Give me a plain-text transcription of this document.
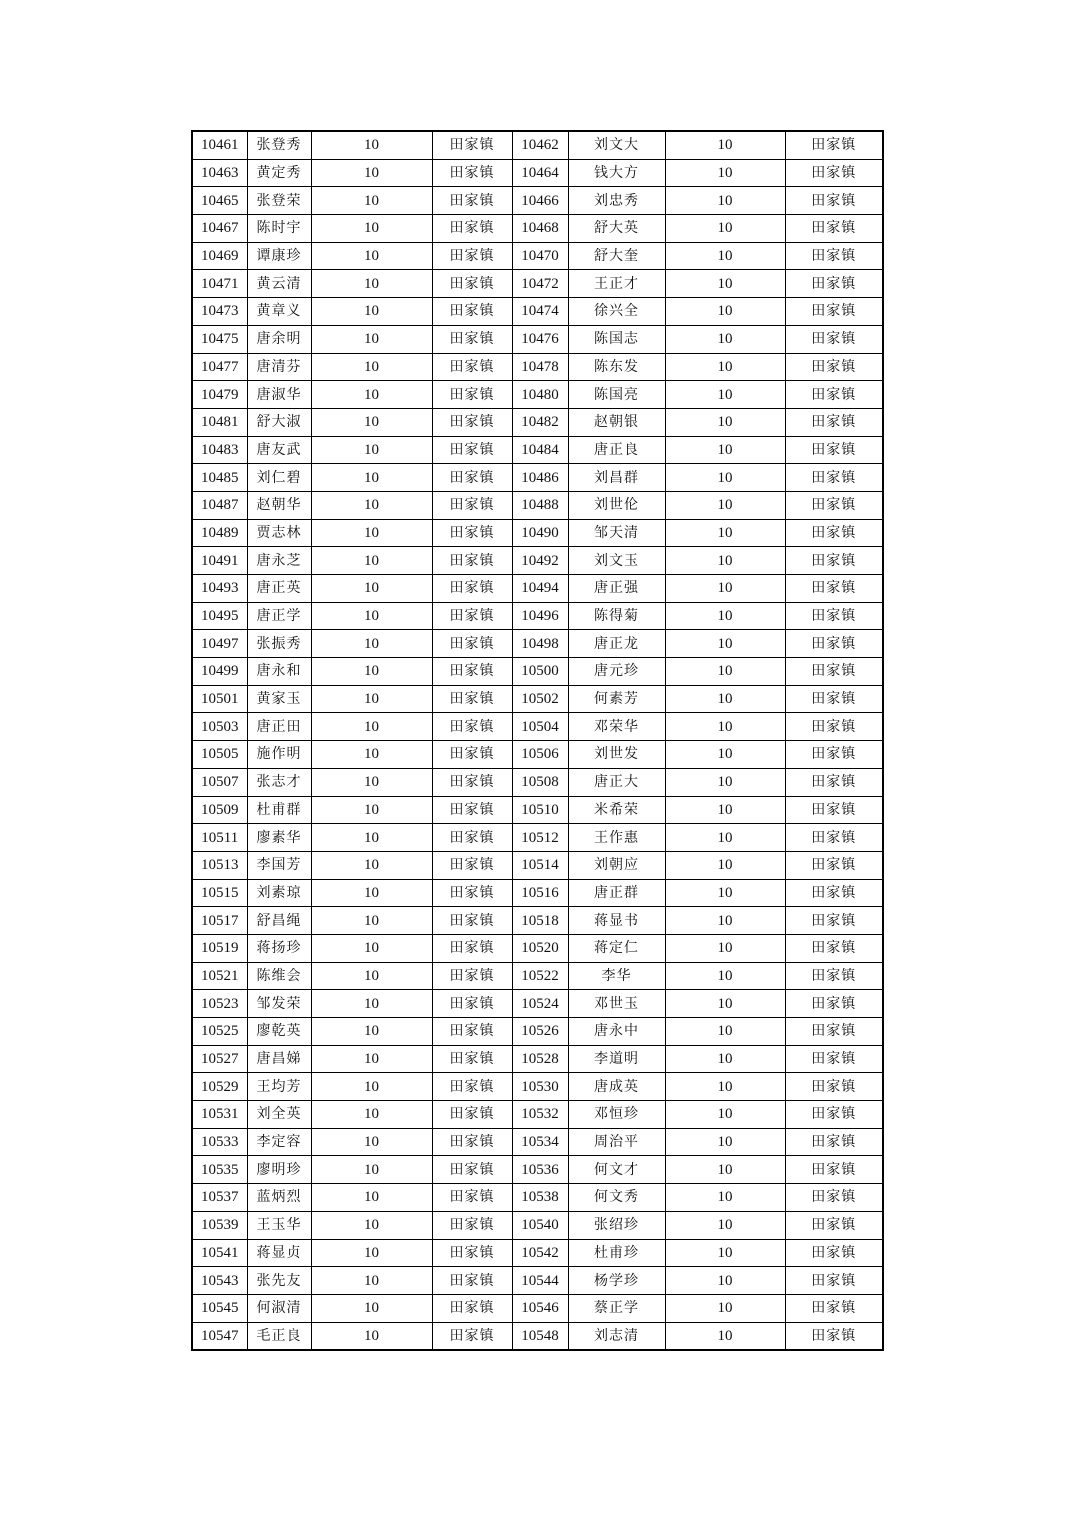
10461	张登秀	10	田家镇	10462	刘文大	10	田家镇
10463	黄定秀	10	田家镇	10464	钱大方	10	田家镇
10465	张登荣	10	田家镇	10466	刘忠秀	10	田家镇
10467	陈时宇	10	田家镇	10468	舒大英	10	田家镇
10469	谭康珍	10	田家镇	10470	舒大奎	10	田家镇
10471	黄云清	10	田家镇	10472	王正才	10	田家镇
10473	黄章义	10	田家镇	10474	徐兴全	10	田家镇
10475	唐余明	10	田家镇	10476	陈国志	10	田家镇
10477	唐清芬	10	田家镇	10478	陈东发	10	田家镇
10479	唐淑华	10	田家镇	10480	陈国亮	10	田家镇
10481	舒大淑	10	田家镇	10482	赵朝银	10	田家镇
10483	唐友武	10	田家镇	10484	唐正良	10	田家镇
10485	刘仁碧	10	田家镇	10486	刘昌群	10	田家镇
10487	赵朝华	10	田家镇	10488	刘世伦	10	田家镇
10489	贾志林	10	田家镇	10490	邹天清	10	田家镇
10491	唐永芝	10	田家镇	10492	刘文玉	10	田家镇
10493	唐正英	10	田家镇	10494	唐正强	10	田家镇
10495	唐正学	10	田家镇	10496	陈得菊	10	田家镇
10497	张振秀	10	田家镇	10498	唐正龙	10	田家镇
10499	唐永和	10	田家镇	10500	唐元珍	10	田家镇
10501	黄家玉	10	田家镇	10502	何素芳	10	田家镇
10503	唐正田	10	田家镇	10504	邓荣华	10	田家镇
10505	施作明	10	田家镇	10506	刘世发	10	田家镇
10507	张志才	10	田家镇	10508	唐正大	10	田家镇
10509	杜甫群	10	田家镇	10510	米希荣	10	田家镇
10511	廖素华	10	田家镇	10512	王作惠	10	田家镇
10513	李国芳	10	田家镇	10514	刘朝应	10	田家镇
10515	刘素琼	10	田家镇	10516	唐正群	10	田家镇
10517	舒昌绳	10	田家镇	10518	蒋显书	10	田家镇
10519	蒋扬珍	10	田家镇	10520	蒋定仁	10	田家镇
10521	陈维会	10	田家镇	10522	李华	10	田家镇
10523	邹发荣	10	田家镇	10524	邓世玉	10	田家镇
10525	廖乾英	10	田家镇	10526	唐永中	10	田家镇
10527	唐昌娣	10	田家镇	10528	李道明	10	田家镇
10529	王均芳	10	田家镇	10530	唐成英	10	田家镇
10531	刘全英	10	田家镇	10532	邓恒珍	10	田家镇
10533	李定容	10	田家镇	10534	周治平	10	田家镇
10535	廖明珍	10	田家镇	10536	何文才	10	田家镇
10537	蓝炳烈	10	田家镇	10538	何文秀	10	田家镇
10539	王玉华	10	田家镇	10540	张绍珍	10	田家镇
10541	蒋显贞	10	田家镇	10542	杜甫珍	10	田家镇
10543	张先友	10	田家镇	10544	杨学珍	10	田家镇
10545	何淑清	10	田家镇	10546	蔡正学	10	田家镇
10547	毛正良	10	田家镇	10548	刘志清	10	田家镇
